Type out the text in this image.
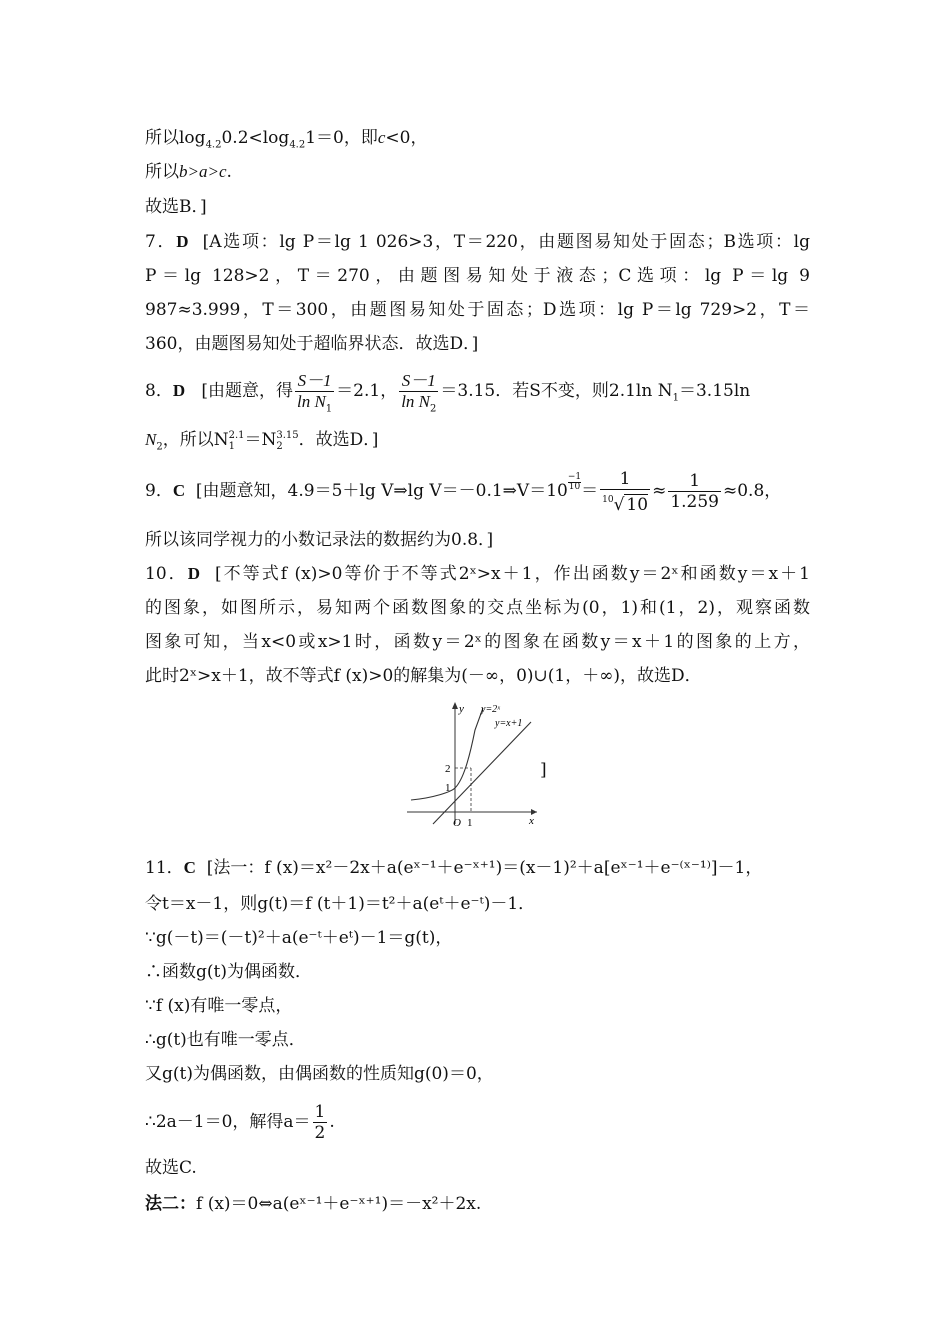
所以$\log_{4.2}0.2<\log_{4.2}1=0$，即c<0，
所以b>a>c.
故选B．]
7．D [A选项：lg P＝lg 1 026>3，T＝220，由题图易知处于固态；B选项：lg
P＝lg 128>2，T＝270，由题图易知处于液态；C选项：lg P＝lg 9
987≈3.999，T＝300，由题图易知处于固态；D选项：lg P＝lg 729>2，T＝
360，由题图易知处于超临界状态．故选D．]
8．D [由题意，得 $\frac{S-1}{\ln N_1} =2.1$， $\frac{S-1}{\ln N_2} =3.15$．若S不变，则2.1ln $N_1=3.15\ln$
$N_2$，所以N 2.1
1 ＝N 3.15
2 ．故选D．]
9．C [由题意知，4.9＝5＋lg V⇒lg V＝－0.1⇒V＝10 $\frac{-1}{10} = \frac{1}{^{10}√ 10} \approx \frac{1}{1.259} \approx 0.8$，
所以该同学视力的小数记录法的数据约为0.8．]
10．D [不等式f (x)>0等价于不等式2ˣ>x＋1，作出函数y＝2ˣ和函数y＝x＋1
的图象，如图所示，易知两个函数图象的交点坐标为(0，1)和(1，2)，观察函数
图象可知，当x<0或x>1时，函数y＝2ˣ的图象在函数y＝x＋1的图象的上方，
此时2ˣ>x＋1，故不等式f (x)>0的解集为(－∞，0)∪(1，＋∞)，故选D．
y
x
O 1
1
2
y=2ˣ
y=x+1
]
11．C [法一：f (x)＝x²－2x＋a(eˣ⁻¹＋e⁻ˣ⁺¹)＝(x－1)²＋a[eˣ⁻¹＋e⁻⁽ˣ⁻¹⁾]－1，
令t＝x－1，则g(t)＝f (t＋1)＝t²＋a(eᵗ＋e⁻ᵗ)－1．
∵g(－t)＝(－t)²＋a(e⁻ᵗ＋eᵗ)－1＝g(t)，
∴函数g(t)为偶函数．
∵f (x)有唯一零点，
∴g(t)也有唯一零点．
又g(t)为偶函数，由偶函数的性质知g(0)＝0，
∴2a－1＝0，解得$a= \frac{1}{2}$ .
故选C.
法二：f (x)＝0⇔a(eˣ⁻¹＋e⁻ˣ⁺¹)＝－x²＋2x.
